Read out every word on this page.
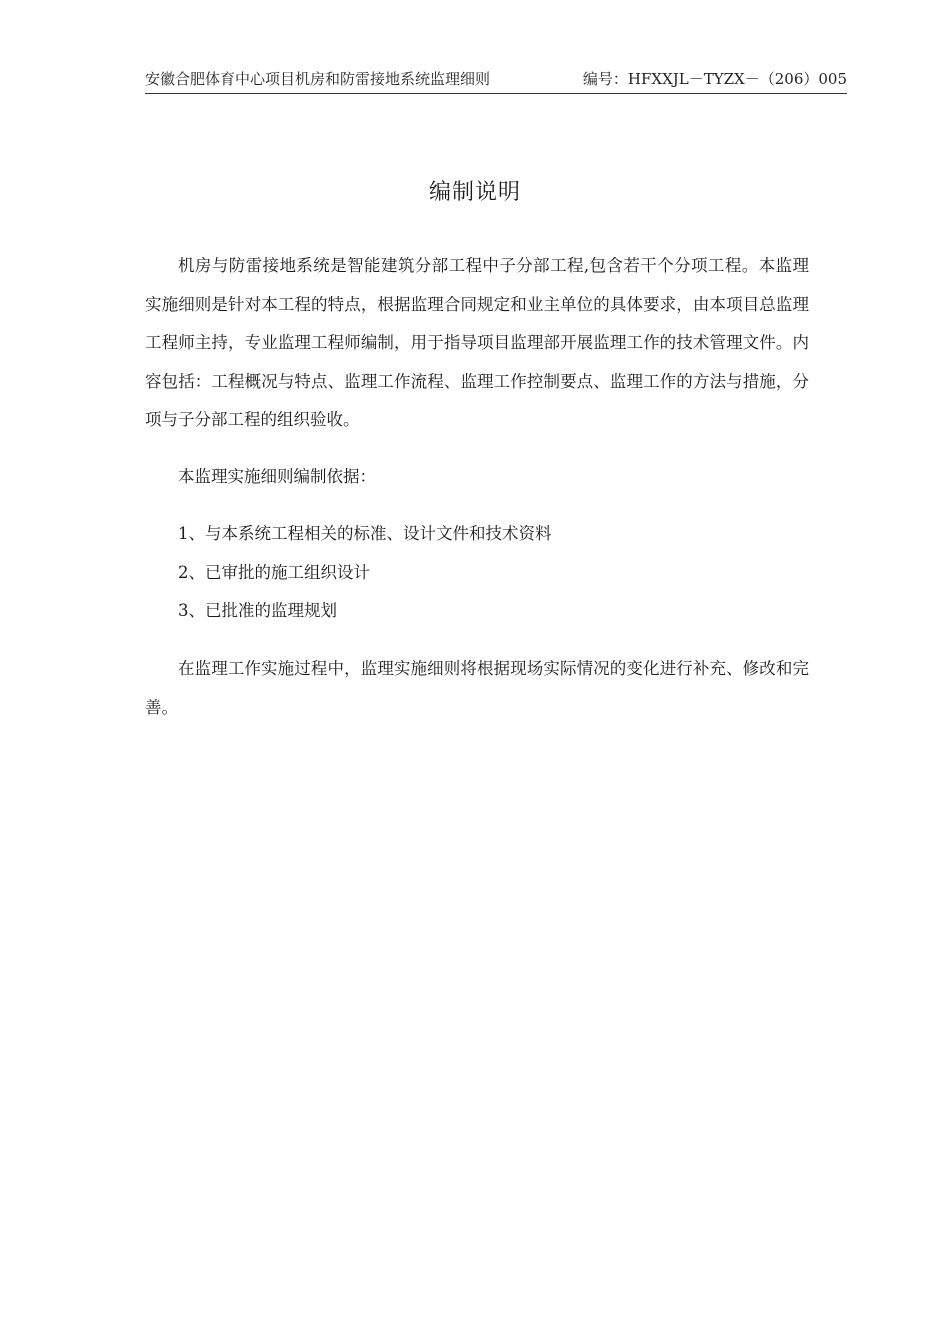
安徽合肥体育中心项目机房和防雷接地系统监理细则	编号：HFXXJL－TYZX－（206）005
编制说明
机房与防雷接地系统是智能建筑分部工程中子分部工程,包含若干个分项工程。本监理实施细则是针对本工程的特点，根据监理合同规定和业主单位的具体要求，由本项目总监理工程师主持，专业监理工程师编制，用于指导项目监理部开展监理工作的技术管理文件。内容包括：工程概况与特点、监理工作流程、监理工作控制要点、监理工作的方法与措施，分项与子分部工程的组织验收。
本监理实施细则编制依据：
1、与本系统工程相关的标准、设计文件和技术资料
2、已审批的施工组织设计
3、已批准的监理规划
在监理工作实施过程中，监理实施细则将根据现场实际情况的变化进行补充、修改和完善。
